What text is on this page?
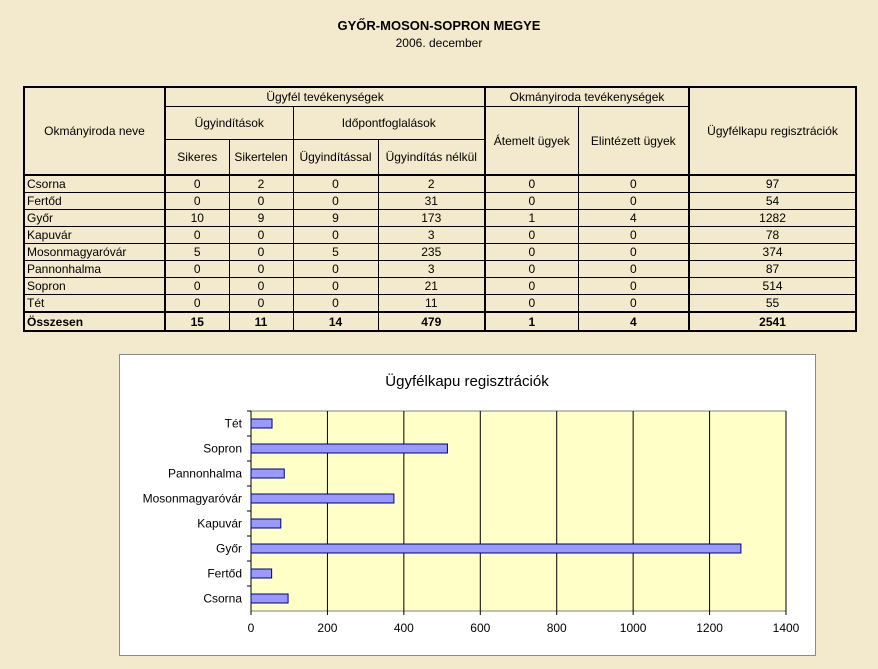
GYŐR-MOSON-SOPRON MEGYE
2006. december
Okmányiroda neve	Ügyfél tevékenységek				Okmányiroda tevékenységek		Ügyfélkapu regisztrációk
	Ügyindítások		Időpontfoglalások		Átemelt ügyek	Elintézett ügyek	
	Sikeres	Sikertelen	Ügyindítással	Ügyindítás nélkül			
Csorna	0	2	0	2	0	0	97
Fertőd	0	0	0	31	0	0	54
Győr	10	9	9	173	1	4	1282
Kapuvár	0	0	0	3	0	0	78
Mosonmagyaróvár	5	0	5	235	0	0	374
Pannonhalma	0	0	0	3	0	0	87
Sopron	0	0	0	21	0	0	514
Tét	0	0	0	11	0	0	55
Összesen	15	11	14	479	1	4	2541
Ügyfélkapu regisztrációk
Tét
Sopron
Pannonhalma
Mosonmagyaróvár
Kapuvár
Győr
Fertőd
Csorna
0	200	400	600	800	1000	1200	1400
